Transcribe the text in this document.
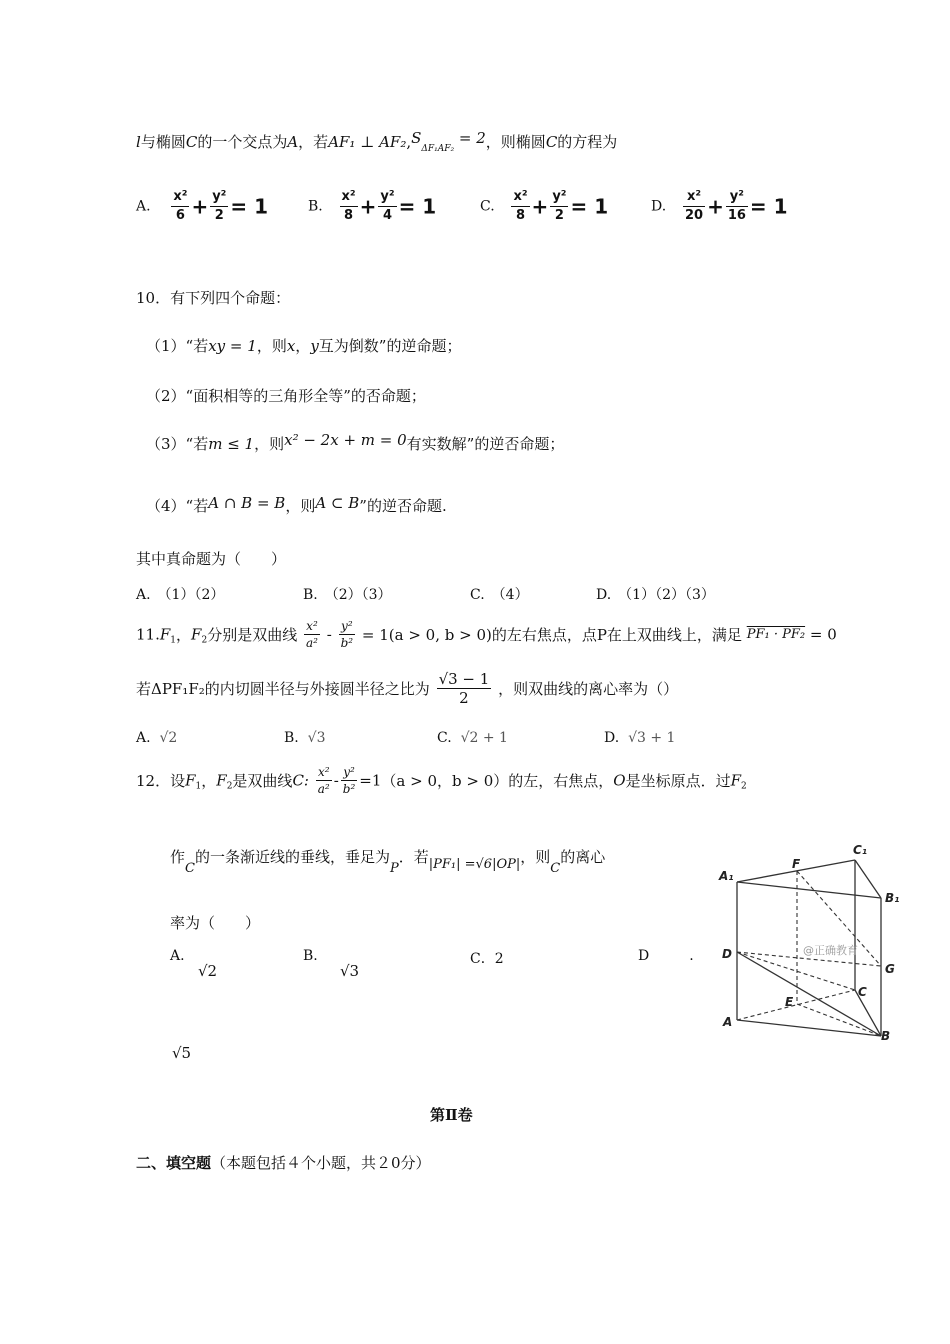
l与椭圆C的一个交点为A，若AF₁ ⊥ $AF_2,S_{\Delta F_1AF_2} = 2$，则椭圆C的方程为
A. $\frac{\text{x²}}{6} + \frac{\text{y²}}{2} = 1$	B. $\frac{\text{x²}}{8} + \frac{\text{y²}}{4} = 1$	C. $\frac{\text{x²}}{8} + \frac{\text{y²}}{2} = 1$	D. $\frac{\text{x²}}{20} + \frac{\text{y²}}{16} = 1$
10．有下列四个命题：
（1）“若xy = 1，则x，y互为倒数”的逆命题；
（2）“面积相等的三角形全等”的否命题；
（3）“若m ≤ 1，则x² − 2x + m = 0有实数解”的逆否命题；
（4）“若A ∩ B = B，则A ⊂ B”的逆否命题.
其中真命题为（　　）
A.　（1）（2）	B.　（2）（3）	C.　（4）	D.　（1）（2）（3）
$11.F_1$，$F_2$分别是双曲线 $\frac{\text{x²}}{\text{a²}} - \frac{\text{y²}}{\text{b²}} = 1(a > 0$, b > 0)的左右焦点，点P在上双曲线上，满足 PF₁ · PF₂ = 0
若ΔPF₁F₂的内切圆半径与外接圆半径之比为 $\frac{√3 - 1}{2}$ ，则双曲线的离心率为（）
A. √2	B. √3	C. √2 + 1	D. √3 + 1
12．设$F_1$，$F_2$是双曲线C: $\frac{\text{x²}}{\text{a²}} - \frac{\text{y²}}{\text{b²}} =1(a > 0$，b > 0）的左，右焦点，O是坐标原点．过$F_2$
作C的一条渐近线的垂线，垂足为P．若|PF₁| =√6|OP|，则C的离心
率为（　　）
A.
√2
B.
√3
C．2	D	.
√5
A₁
F
C₁
B₁
D
G
E
C
A
B
@正确教育
第Ⅱ卷
二、填空题（本题包括４个小题，共２0分）
